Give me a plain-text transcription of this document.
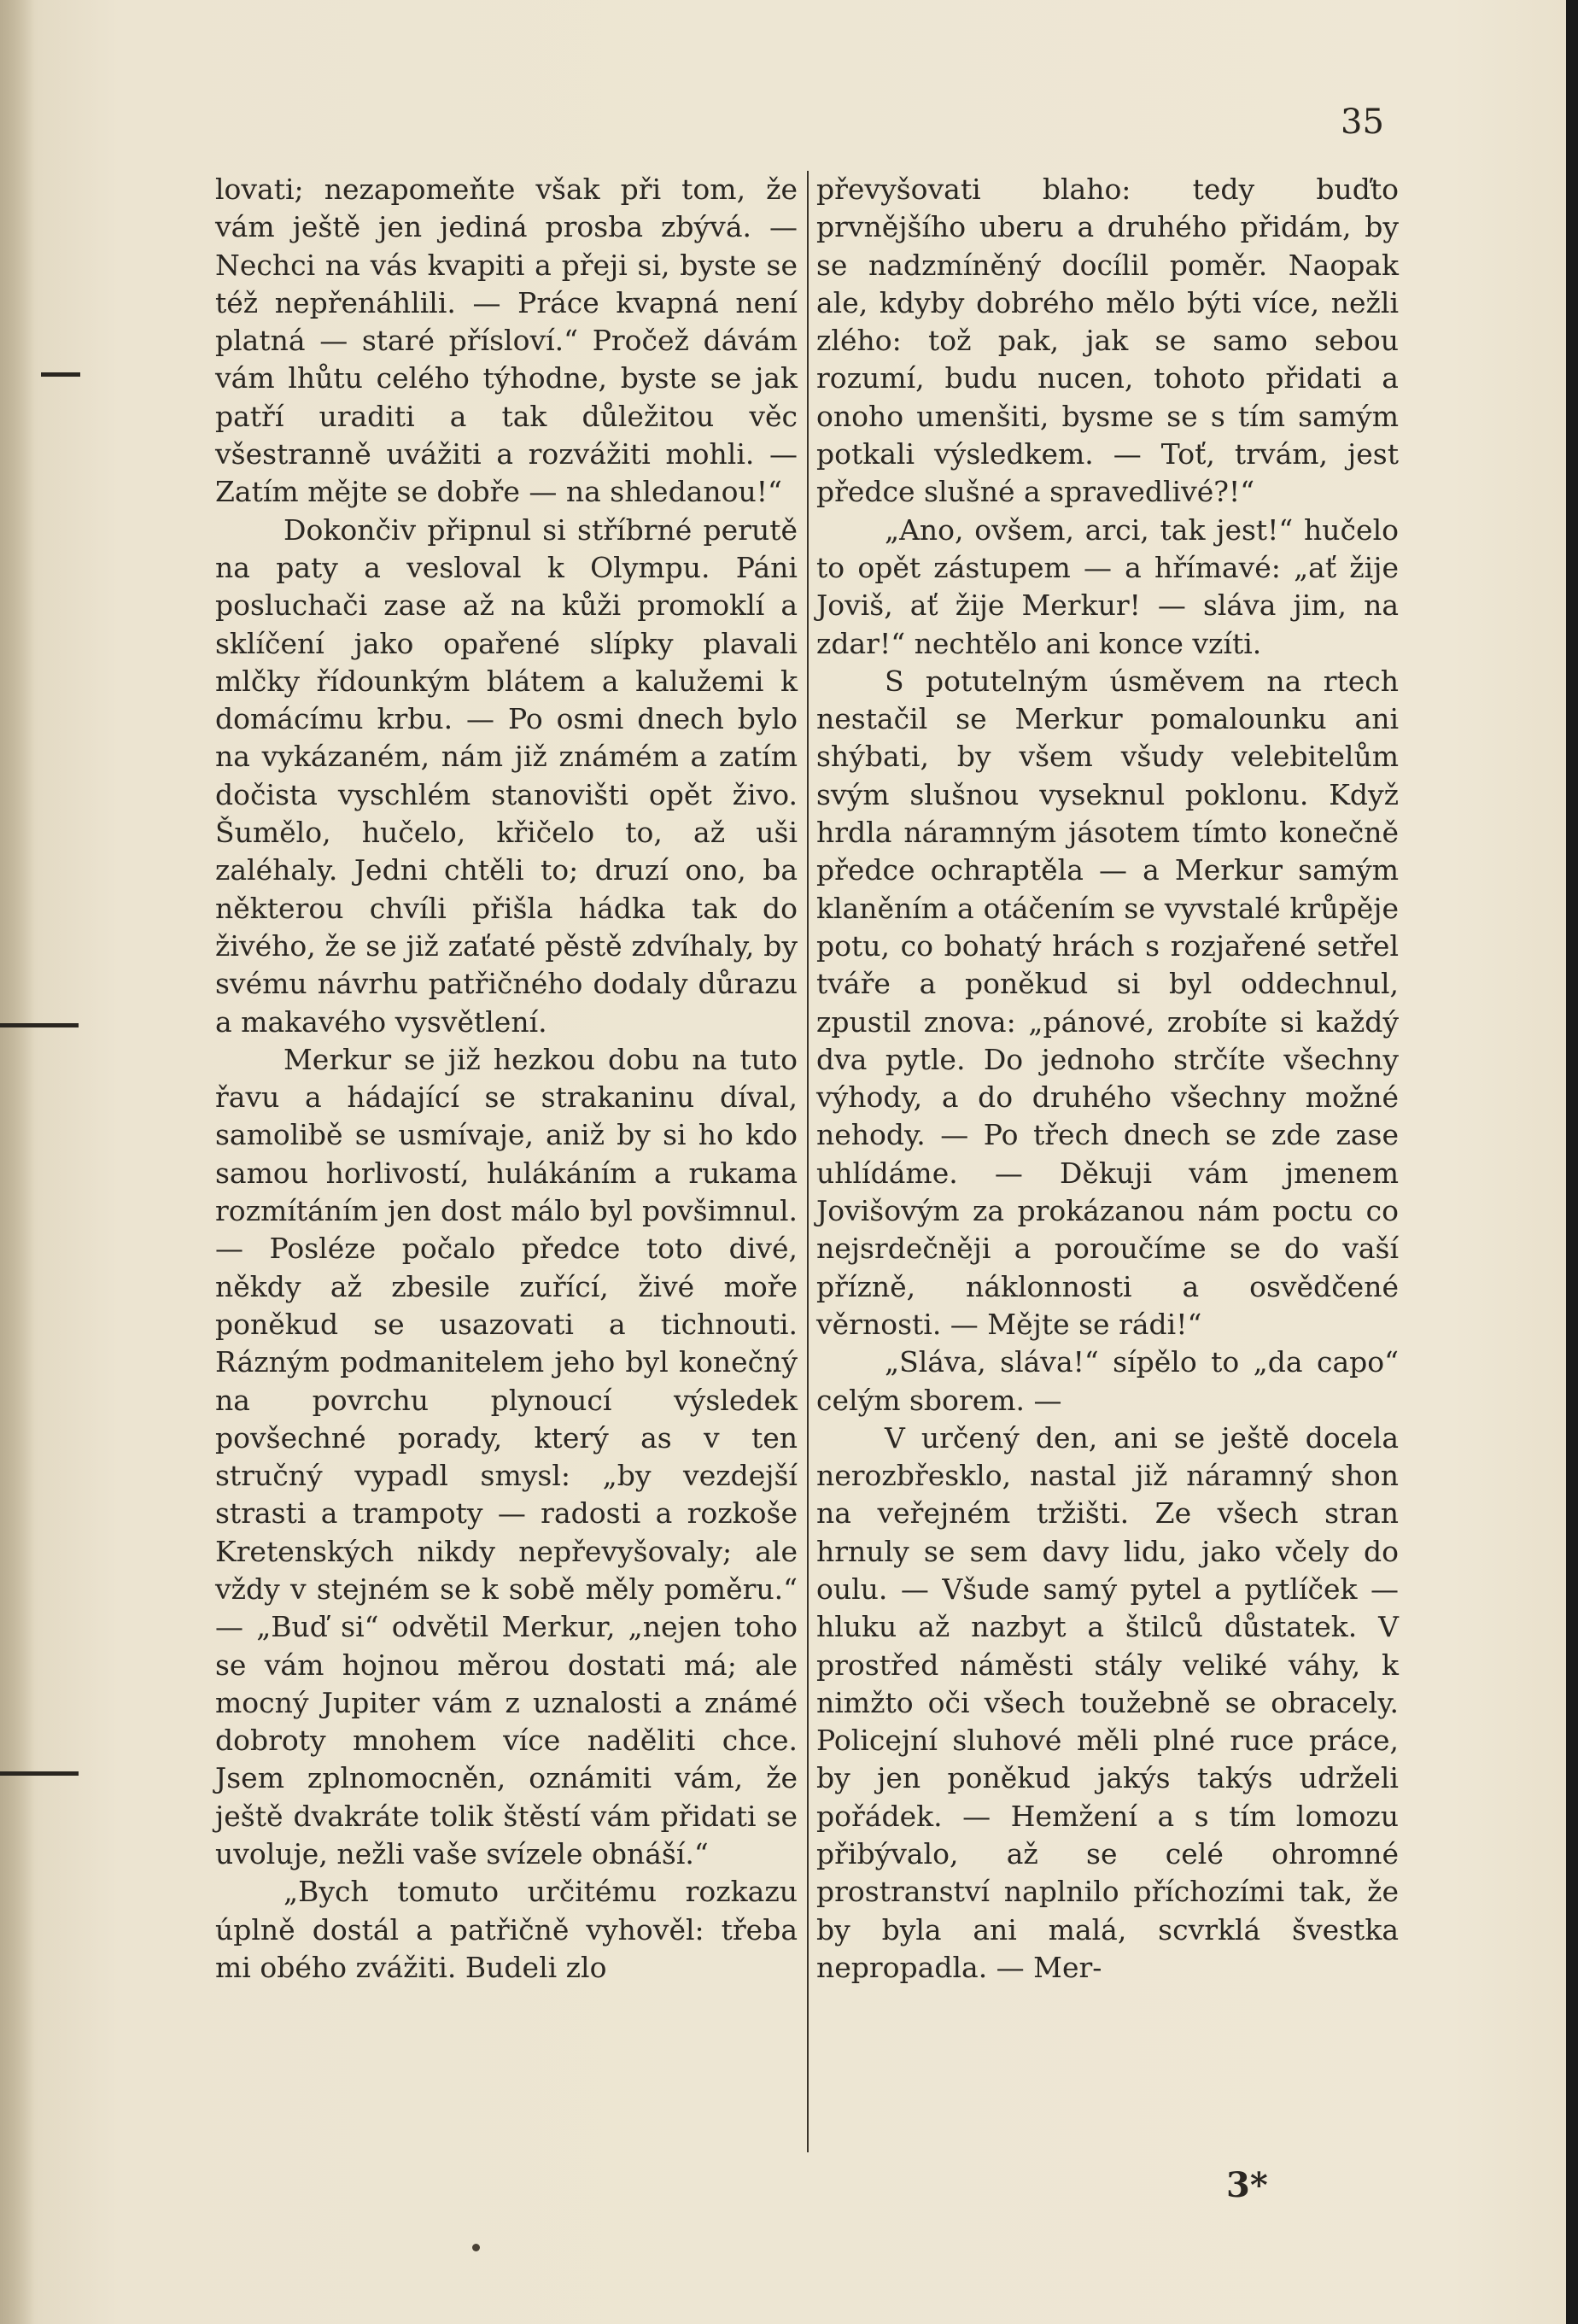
35

lovati; nezapomeňte však při tom, že vám ještě jen jediná prosba zbývá. — Nechci na vás kvapiti a přeji si, byste se též nepřenáhlili. — Práce kvapná není platná — staré přísloví.“ Pročež dávám vám lhůtu celého týhodne, byste se jak patří uraditi a tak důležitou věc všestranně uvážiti a rozvážiti mohli. — Zatím mějte se dobře — na shledanou!“

Dokončiv připnul si stříbrné perutě na paty a vesloval k Olympu. Páni posluchači zase až na kůži promoklí a sklíčení jako opařené slípky plavali mlčky řídounkým blátem a kalužemi k domácímu krbu. — Po osmi dnech bylo na vykázaném, nám již známém a zatím dočista vyschlém stanovišti opět živo. Šumělo, hučelo, křičelo to, až uši zaléhaly. Jedni chtěli to; druzí ono, ba některou chvíli přišla hádka tak do živého, že se již zaťaté pěstě zdvíhaly, by svému návrhu patřičného dodaly důrazu a makavého vysvětlení.

Merkur se již hezkou dobu na tuto řavu a hádající se strakaninu díval, samolibě se usmívaje, aniž by si ho kdo samou horlivostí, hulákáním a rukama rozmítáním jen dost málo byl povšimnul. — Posléze počalo předce toto divé, někdy až zbesile zuřící, živé moře poněkud se usazovati a tichnouti. Rázným podmanitelem jeho byl konečný na povrchu plynoucí výsledek povšechné porady, který as v ten stručný vypadl smysl: „by vezdejší strasti a trampoty — radosti a rozkoše Kretenských nikdy nepřevyšovaly; ale vždy v stejném se k sobě měly poměru.“ — „Buď si“ odvětil Merkur, „nejen toho se vám hojnou měrou dostati má; ale mocný Jupiter vám z uznalosti a známé dobroty mnohem více naděliti chce. Jsem zplnomocněn, oznámiti vám, že ještě dvakráte tolik štěstí vám přidati se uvoluje, nežli vaše svízele obnáší.“

„Bych tomuto určitému rozkazu úplně dostál a patřičně vyhověl: třeba mi obého zvážiti. Budeli zlo

převyšovati blaho: tedy buďto prvnějšího uberu a druhého přidám, by se nadzmíněný docílil poměr. Naopak ale, kdyby dobrého mělo býti více, nežli zlého: tož pak, jak se samo sebou rozumí, budu nucen, tohoto přidati a onoho umenšiti, bysme se s tím samým potkali výsledkem. — Toť, trvám, jest předce slušné a spravedlivé?!“

„Ano, ovšem, arci, tak jest!“ hučelo to opět zástupem — a hřímavé: „ať žije Joviš, ať žije Merkur! — sláva jim, na zdar!“ nechtělo ani konce vzíti.

S potutelným úsměvem na rtech nestačil se Merkur pomalounku ani shýbati, by všem všudy velebitelům svým slušnou vyseknul poklonu. Když hrdla náramným jásotem tímto konečně předce ochraptěla — a Merkur samým klaněním a otáčením se vyvstalé krůpěje potu, co bohatý hrách s rozjařené setřel tváře a poněkud si byl oddechnul, zpustil znova: „pánové, zrobíte si každý dva pytle. Do jednoho strčíte všechny výhody, a do druhého všechny možné nehody. — Po třech dnech se zde zase uhlídáme. — Děkuji vám jmenem Jovišovým za prokázanou nám poctu co nejsrdečněji a poroučíme se do vaší přízně, náklonnosti a osvědčené věrnosti. — Mějte se rádi!“

„Sláva, sláva!“ sípělo to „da capo“ celým sborem. —

V určený den, ani se ještě docela nerozbřesklo, nastal již náramný shon na veřejném tržišti. Ze všech stran hrnuly se sem davy lidu, jako včely do oulu. — Všude samý pytel a pytlíček — hluku až nazbyt a štilců důstatek. V prostřed náměsti stály veliké váhy, k nimžto oči všech toužebně se obracely. Policejní sluhové měli plné ruce práce, by jen poněkud jakýs takýs udrželi pořádek. — Hemžení a s tím lomozu přibývalo, až se celé ohromné prostranství naplnilo příchozími tak, že by byla ani malá, scvrklá švestka nepropadla. — Mer-

3*
